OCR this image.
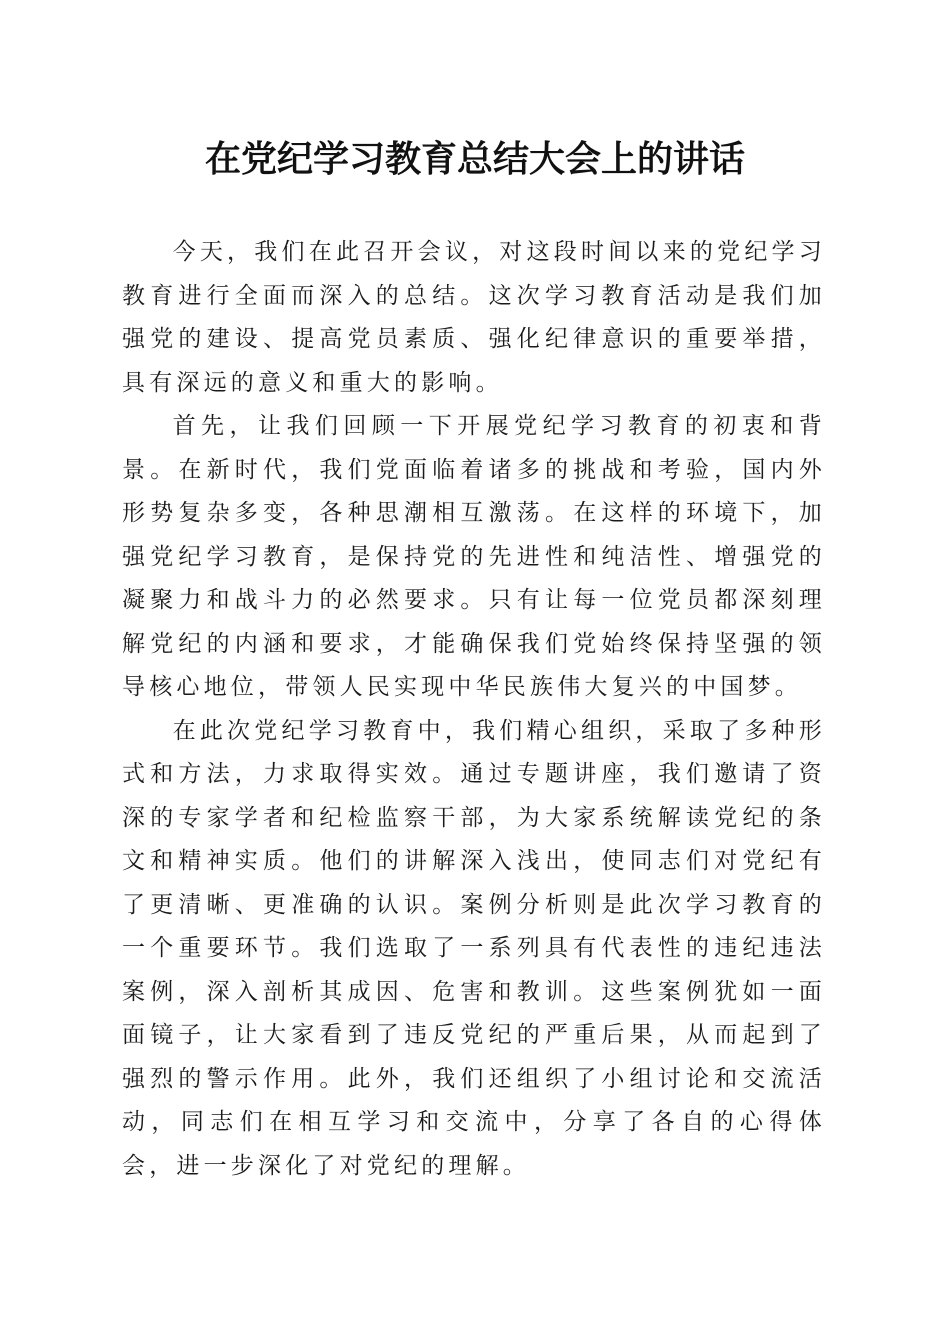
在党纪学习教育总结大会上的讲话

今天，我们在此召开会议，对这段时间以来的党纪学习教育进行全面而深入的总结。这次学习教育活动是我们加强党的建设、提高党员素质、强化纪律意识的重要举措，具有深远的意义和重大的影响。

首先，让我们回顾一下开展党纪学习教育的初衷和背景。在新时代，我们党面临着诸多的挑战和考验，国内外形势复杂多变，各种思潮相互激荡。在这样的环境下，加强党纪学习教育，是保持党的先进性和纯洁性、增强党的凝聚力和战斗力的必然要求。只有让每一位党员都深刻理解党纪的内涵和要求，才能确保我们党始终保持坚强的领导核心地位，带领人民实现中华民族伟大复兴的中国梦。

在此次党纪学习教育中，我们精心组织，采取了多种形式和方法，力求取得实效。通过专题讲座，我们邀请了资深的专家学者和纪检监察干部，为大家系统解读党纪的条文和精神实质。他们的讲解深入浅出，使同志们对党纪有了更清晰、更准确的认识。案例分析则是此次学习教育的一个重要环节。我们选取了一系列具有代表性的违纪违法案例，深入剖析其成因、危害和教训。这些案例犹如一面面镜子，让大家看到了违反党纪的严重后果，从而起到了强烈的警示作用。此外，我们还组织了小组讨论和交流活动，同志们在相互学习和交流中，分享了各自的心得体会，进一步深化了对党纪的理解。
